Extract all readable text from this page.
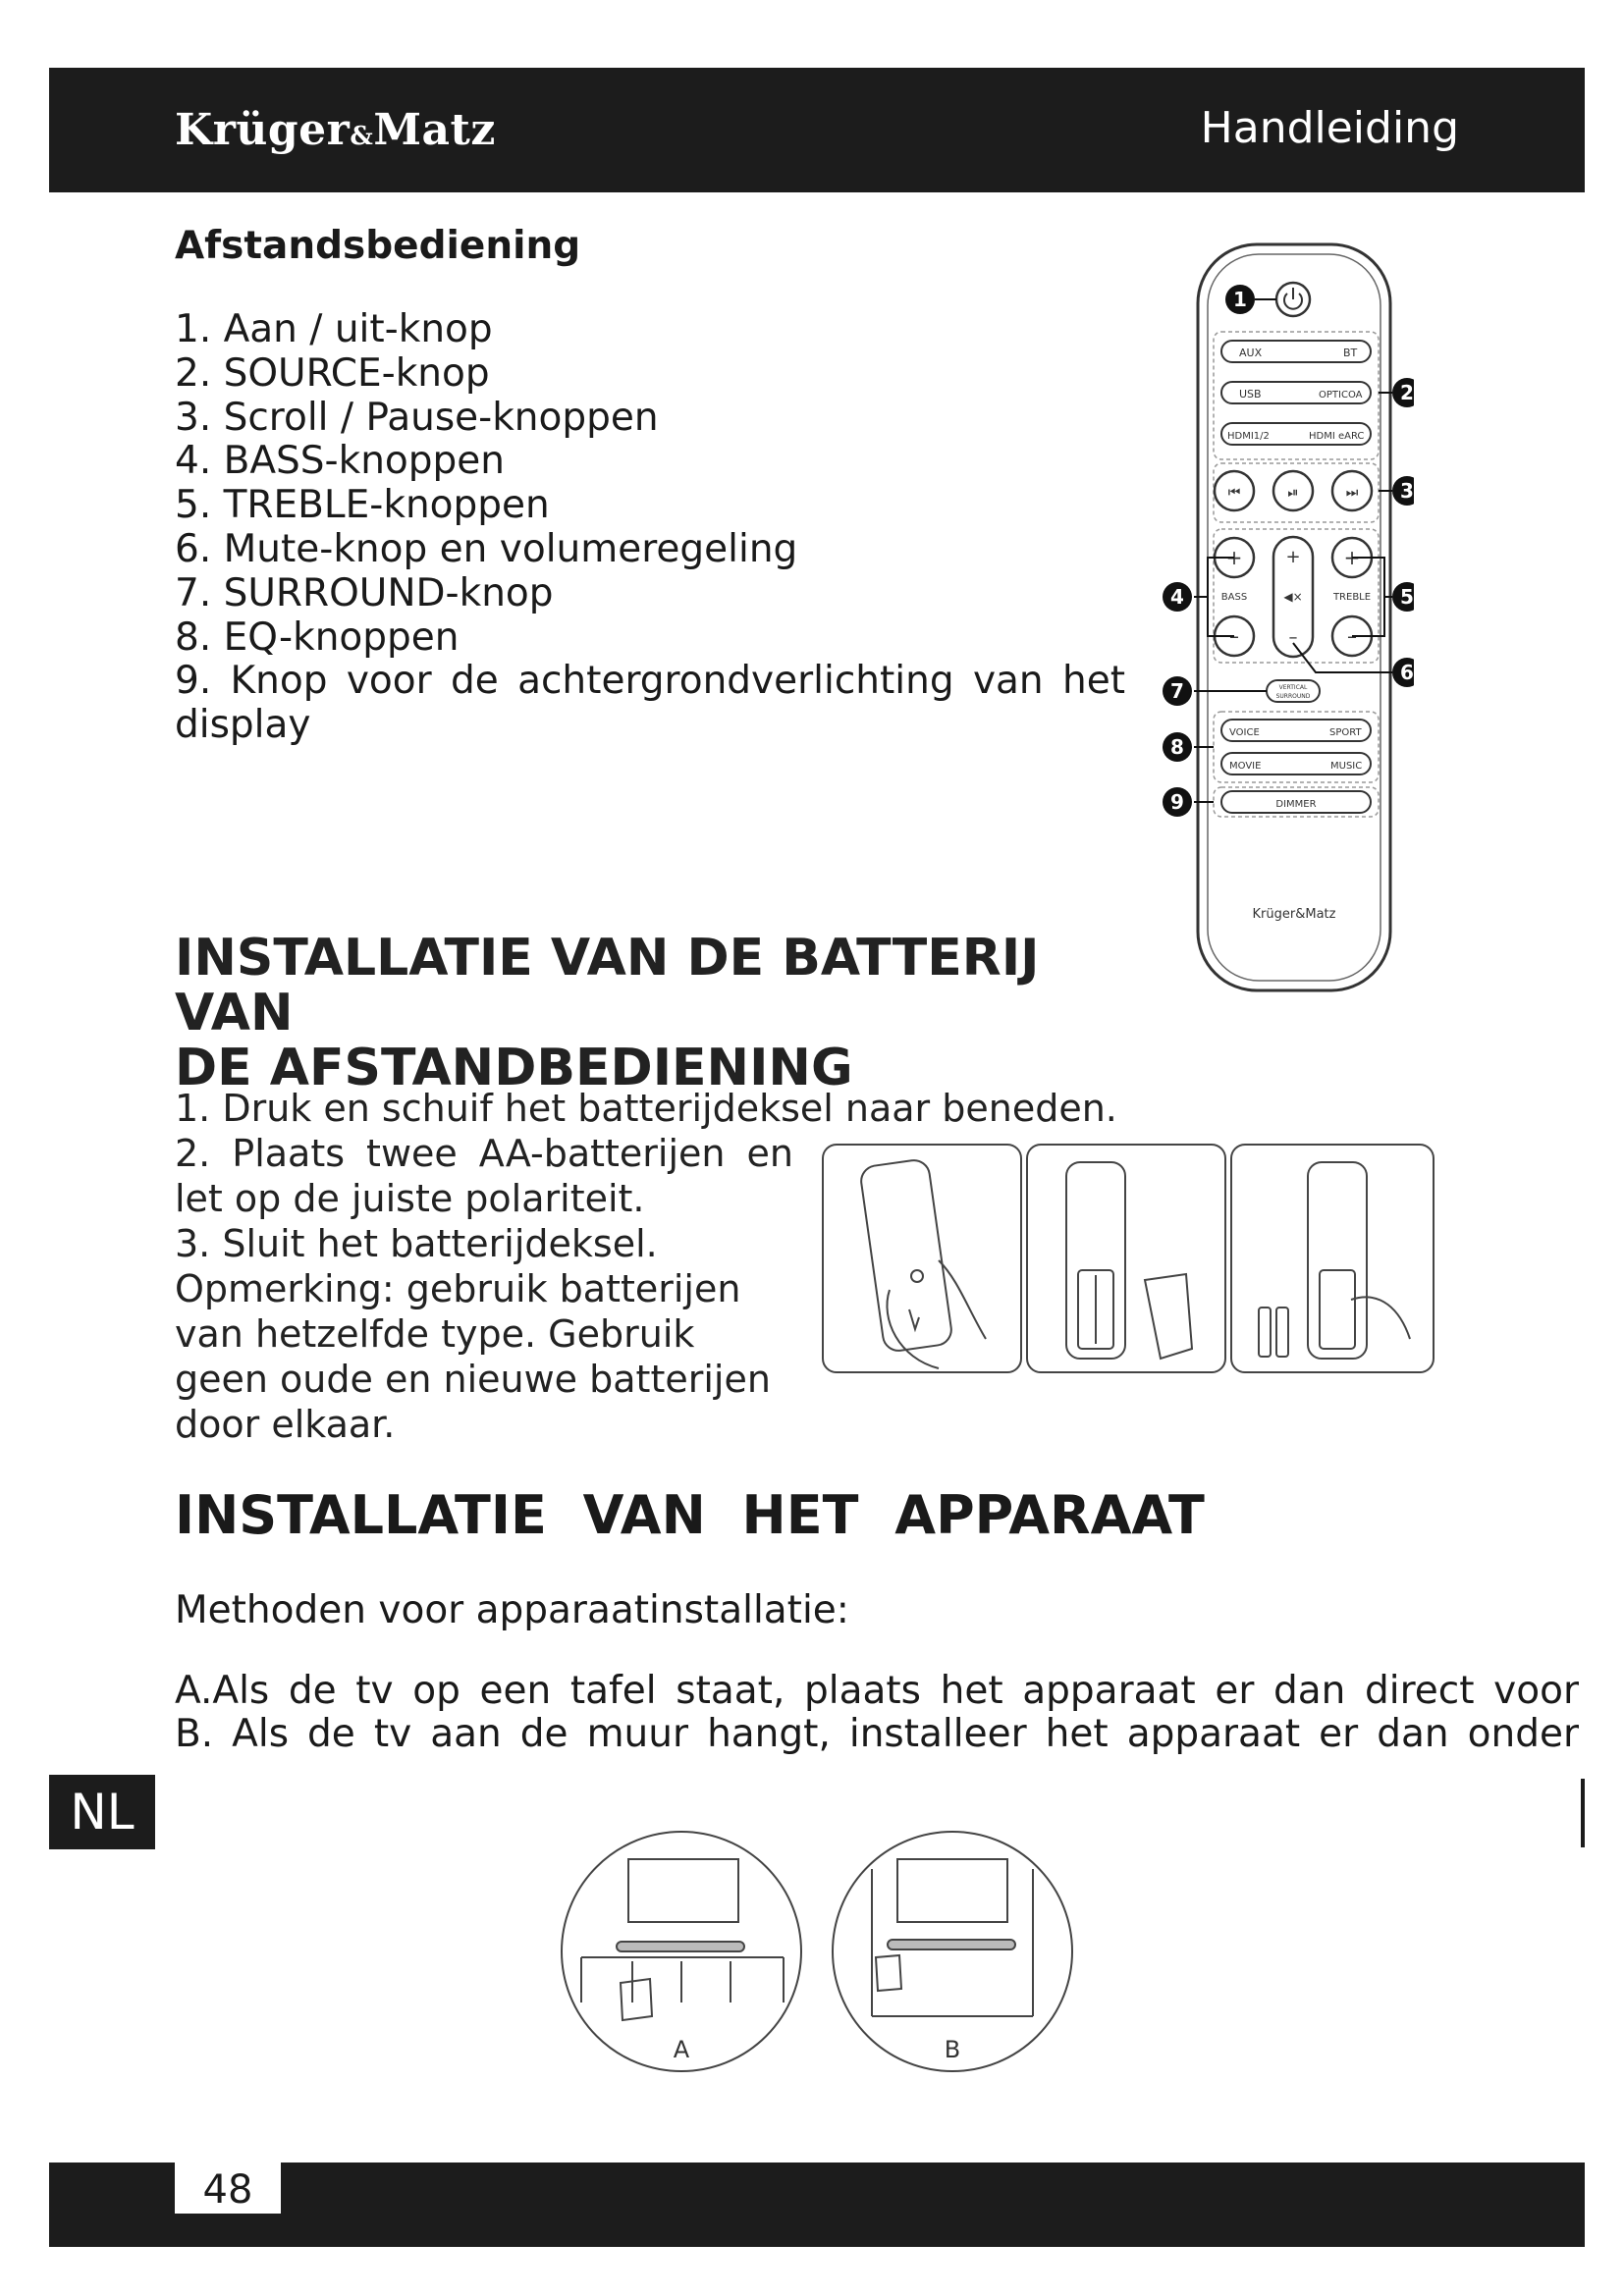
Krüger&Matz	Handleiding
Afstandsbediening
1. Aan / uit-knop
2. SOURCE-knop
3. Scroll / Pause-knoppen
4. BASS-knoppen
5. TREBLE-knoppen
6. Mute-knop en volumeregeling
7. SURROUND-knop
8. EQ-knoppen
9. Knop voor de achtergrondverlichting van het
display
1
AUX	BT
USB	OPTICOA
HDMI1/2	HDMI eARC
2
⏮	⏯	⏭ 3
+
BASS
–
+
◀×
–
+
TREBLE
–
4	5
6
VERTICAL
SURROUND
7
VOICE	SPORT
MOVIE	MUSIC
8
DIMMER
9
Krüger&Matz
INSTALLATIE VAN DE BATTERIJ VAN
DE AFSTANDBEDIENING
1. Druk en schuif het batterijdeksel naar beneden.

2. Plaats twee AA-batterijen en let op de juiste polariteit.

3. Sluit het batterijdeksel.

Opmerking: gebruik batterijen van hetzelfde type. Gebruik geen oude en nieuwe batterijen door elkaar.

INSTALLATIE VAN HET APPARAAT
Methoden voor apparaatinstallatie:
A.Als de tv op een tafel staat, plaats het apparaat er dan direct voor
B. Als de tv aan de muur hangt, installeer het apparaat er dan onder
NL
A	B
48
